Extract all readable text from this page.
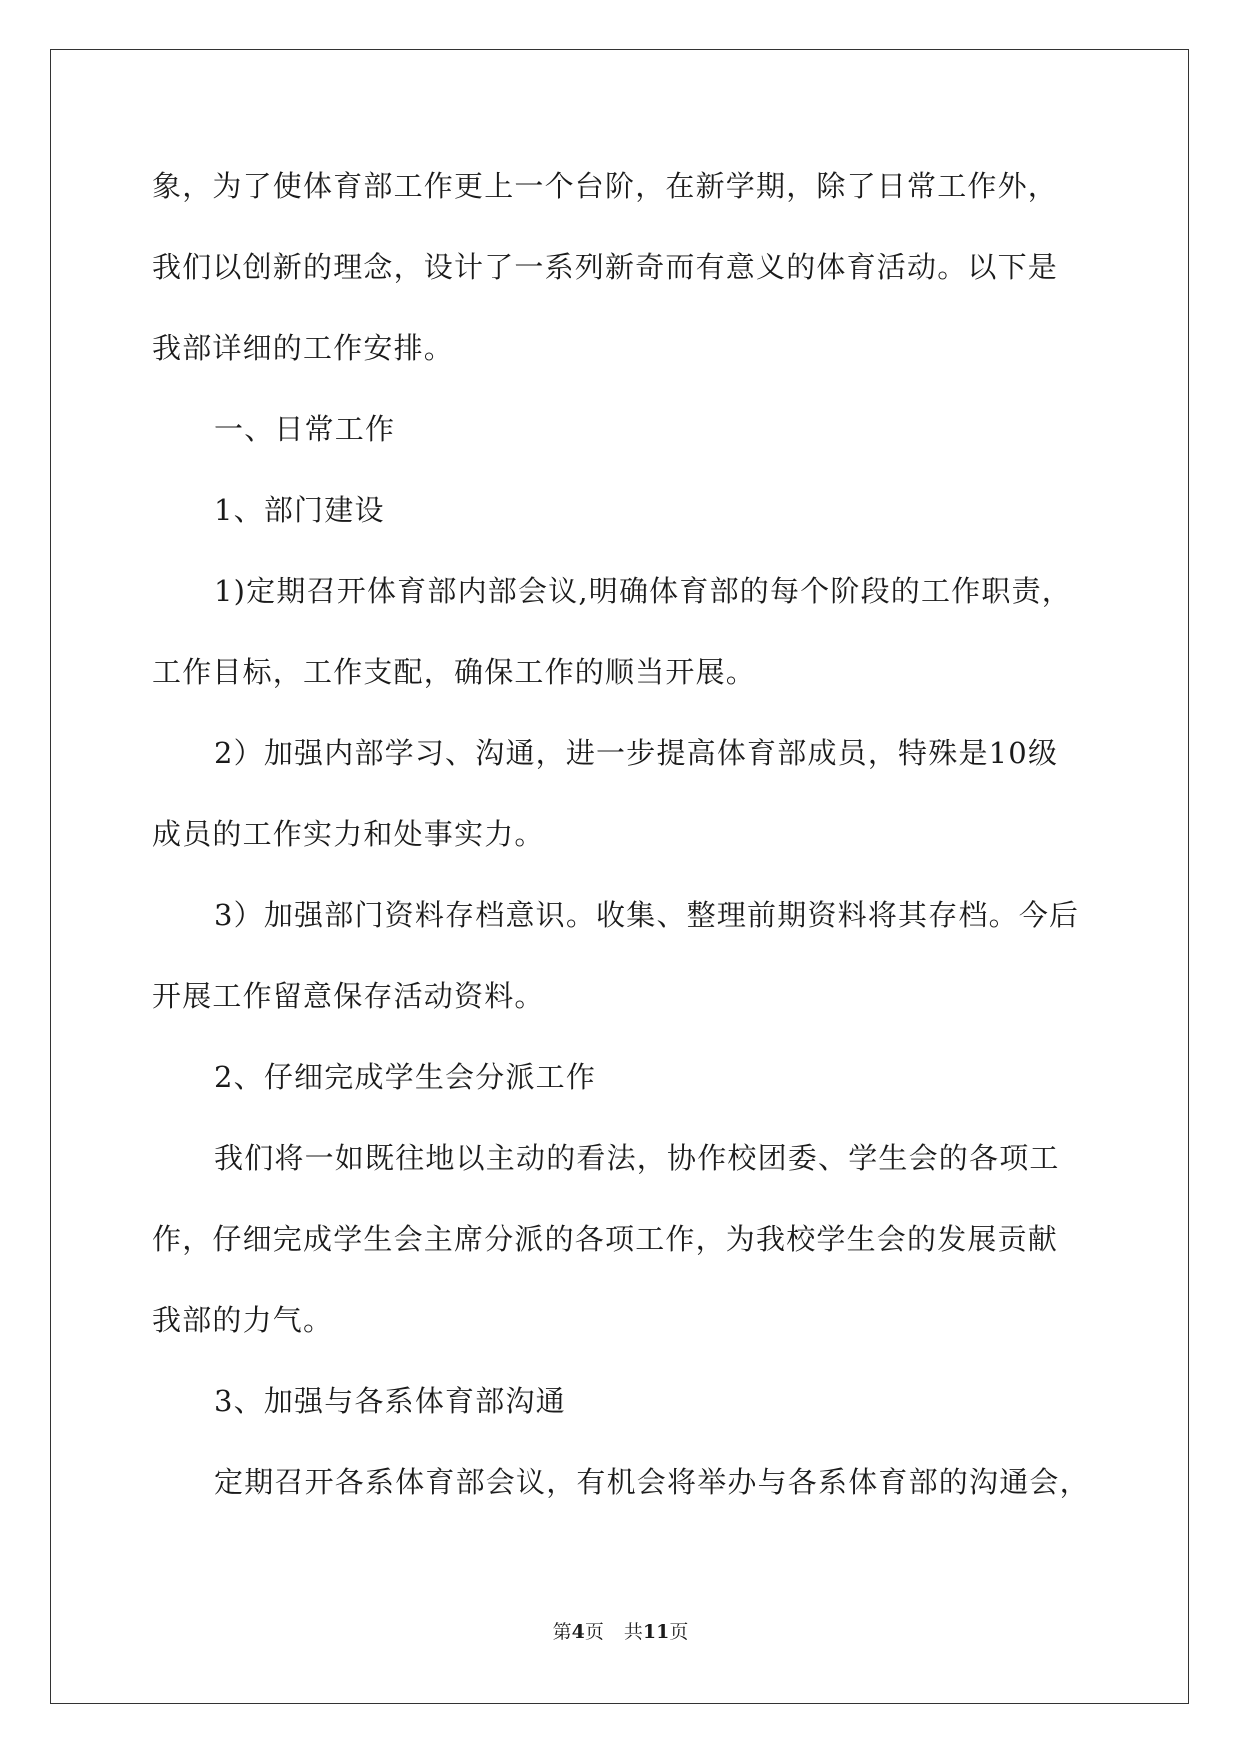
象，为了使体育部工作更上一个台阶，在新学期，除了日常工作外，
我们以创新的理念，设计了一系列新奇而有意义的体育活动。以下是
我部详细的工作安排。
一、日常工作
1、部门建设
1)定期召开体育部内部会议,明确体育部的每个阶段的工作职责，
工作目标，工作支配，确保工作的顺当开展。
2）加强内部学习、沟通，进一步提高体育部成员，特殊是10级
成员的工作实力和处事实力。
3）加强部门资料存档意识。收集、整理前期资料将其存档。今后
开展工作留意保存活动资料。
2、仔细完成学生会分派工作
我们将一如既往地以主动的看法，协作校团委、学生会的各项工
作，仔细完成学生会主席分派的各项工作，为我校学生会的发展贡献
我部的力气。
3、加强与各系体育部沟通
定期召开各系体育部会议，有机会将举办与各系体育部的沟通会，
第4页 共11页
